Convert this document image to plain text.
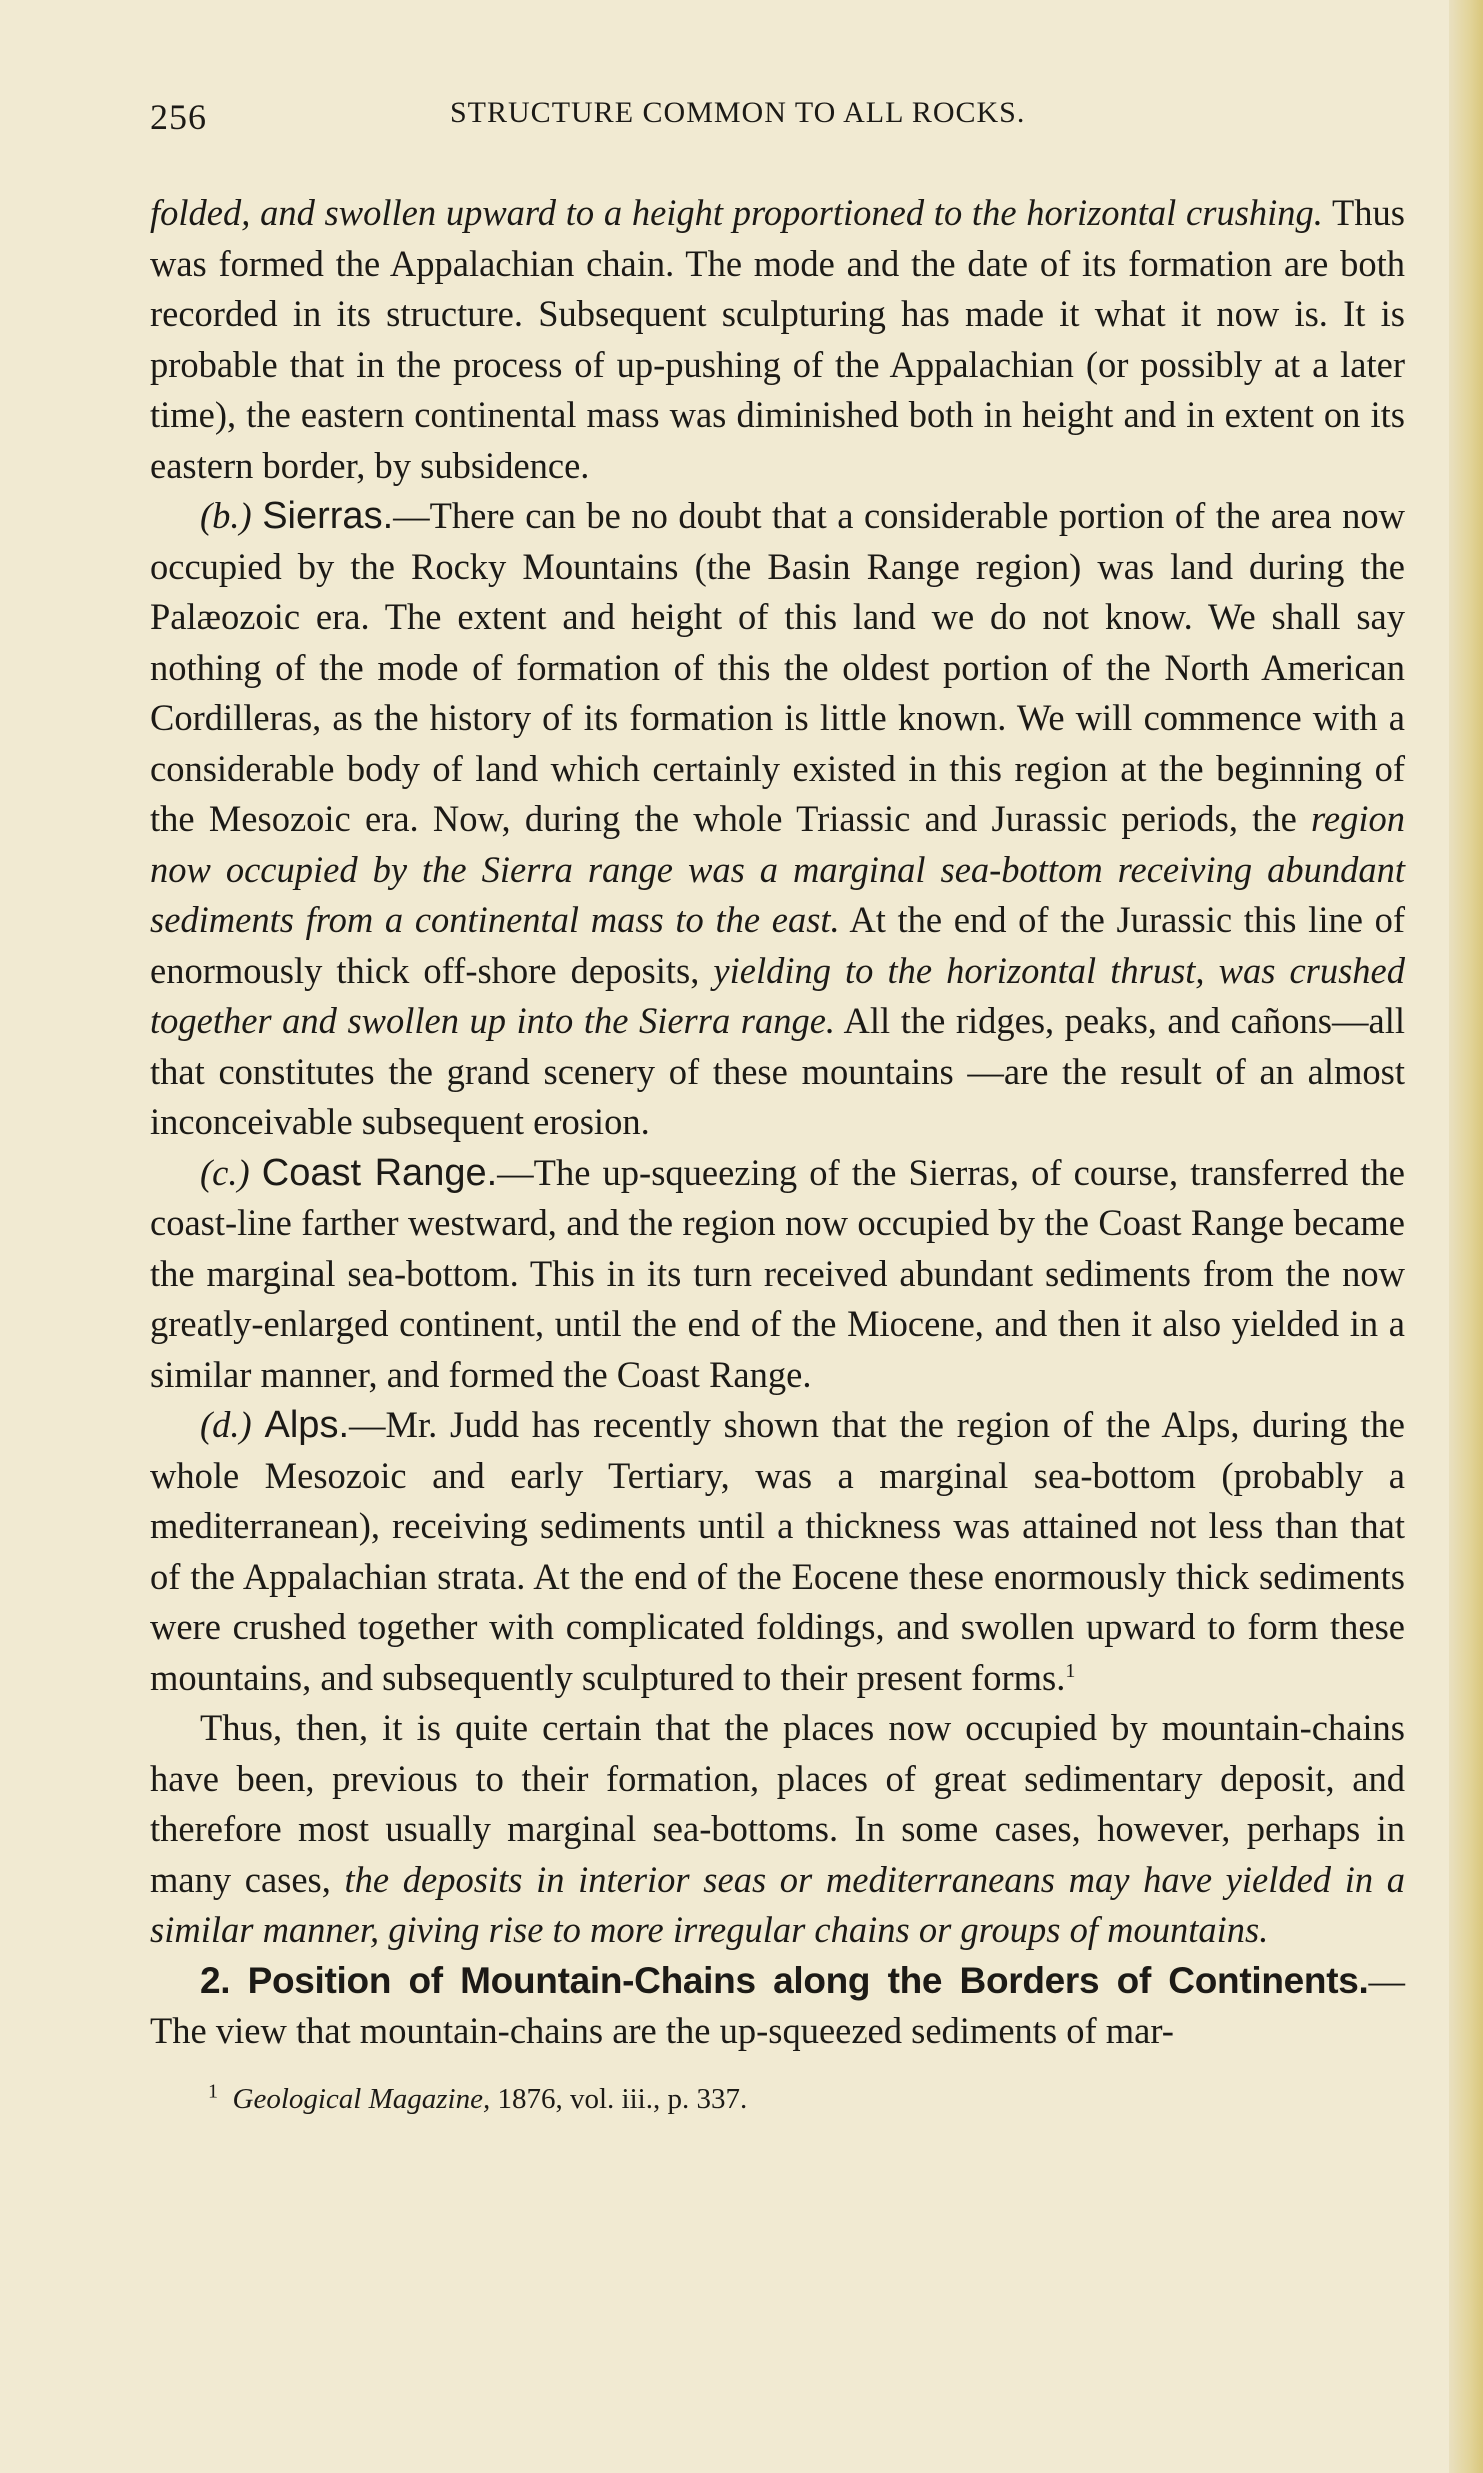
256	STRUCTURE COMMON TO ALL ROCKS.

folded, and swollen upward to a height proportioned to the horizontal crushing. Thus was formed the Appalachian chain. The mode and the date of its formation are both recorded in its structure. Subsequent sculpturing has made it what it now is. It is probable that in the process of up-pushing of the Appalachian (or possibly at a later time), the eastern continental mass was diminished both in height and in extent on its eastern border, by subsidence.

(b.) Sierras.—There can be no doubt that a considerable portion of the area now occupied by the Rocky Mountains (the Basin Range region) was land during the Palæozoic era. The extent and height of this land we do not know. We shall say nothing of the mode of formation of this the oldest portion of the North American Cordilleras, as the history of its formation is little known. We will commence with a considerable body of land which certainly existed in this region at the beginning of the Mesozoic era. Now, during the whole Triassic and Jurassic periods, the region now occupied by the Sierra range was a marginal sea-bottom receiving abundant sediments from a continental mass to the east. At the end of the Jurassic this line of enormously thick off-shore deposits, yielding to the horizontal thrust, was crushed together and swollen up into the Sierra range. All the ridges, peaks, and cañons—all that constitutes the grand scenery of these mountains —are the result of an almost inconceivable subsequent erosion.

(c.) Coast Range.—The up-squeezing of the Sierras, of course, transferred the coast-line farther westward, and the region now occupied by the Coast Range became the marginal sea-bottom. This in its turn received abundant sediments from the now greatly-enlarged continent, until the end of the Miocene, and then it also yielded in a similar manner, and formed the Coast Range.

(d.) Alps.—Mr. Judd has recently shown that the region of the Alps, during the whole Mesozoic and early Tertiary, was a marginal sea-bottom (probably a mediterranean), receiving sediments until a thickness was attained not less than that of the Appalachian strata. At the end of the Eocene these enormously thick sediments were crushed together with complicated foldings, and swollen upward to form these mountains, and subsequently sculptured to their present forms.$^1$

Thus, then, it is quite certain that the places now occupied by mountain-chains have been, previous to their formation, places of great sedimentary deposit, and therefore most usually marginal sea-bottoms. In some cases, however, perhaps in many cases, the deposits in interior seas or mediterraneans may have yielded in a similar manner, giving rise to more irregular chains or groups of mountains.

2. Position of Mountain-Chains along the Borders of Continents.— The view that mountain-chains are the up-squeezed sediments of mar-

$^1$ Geological Magazine, 1876, vol. iii., p. 337.
